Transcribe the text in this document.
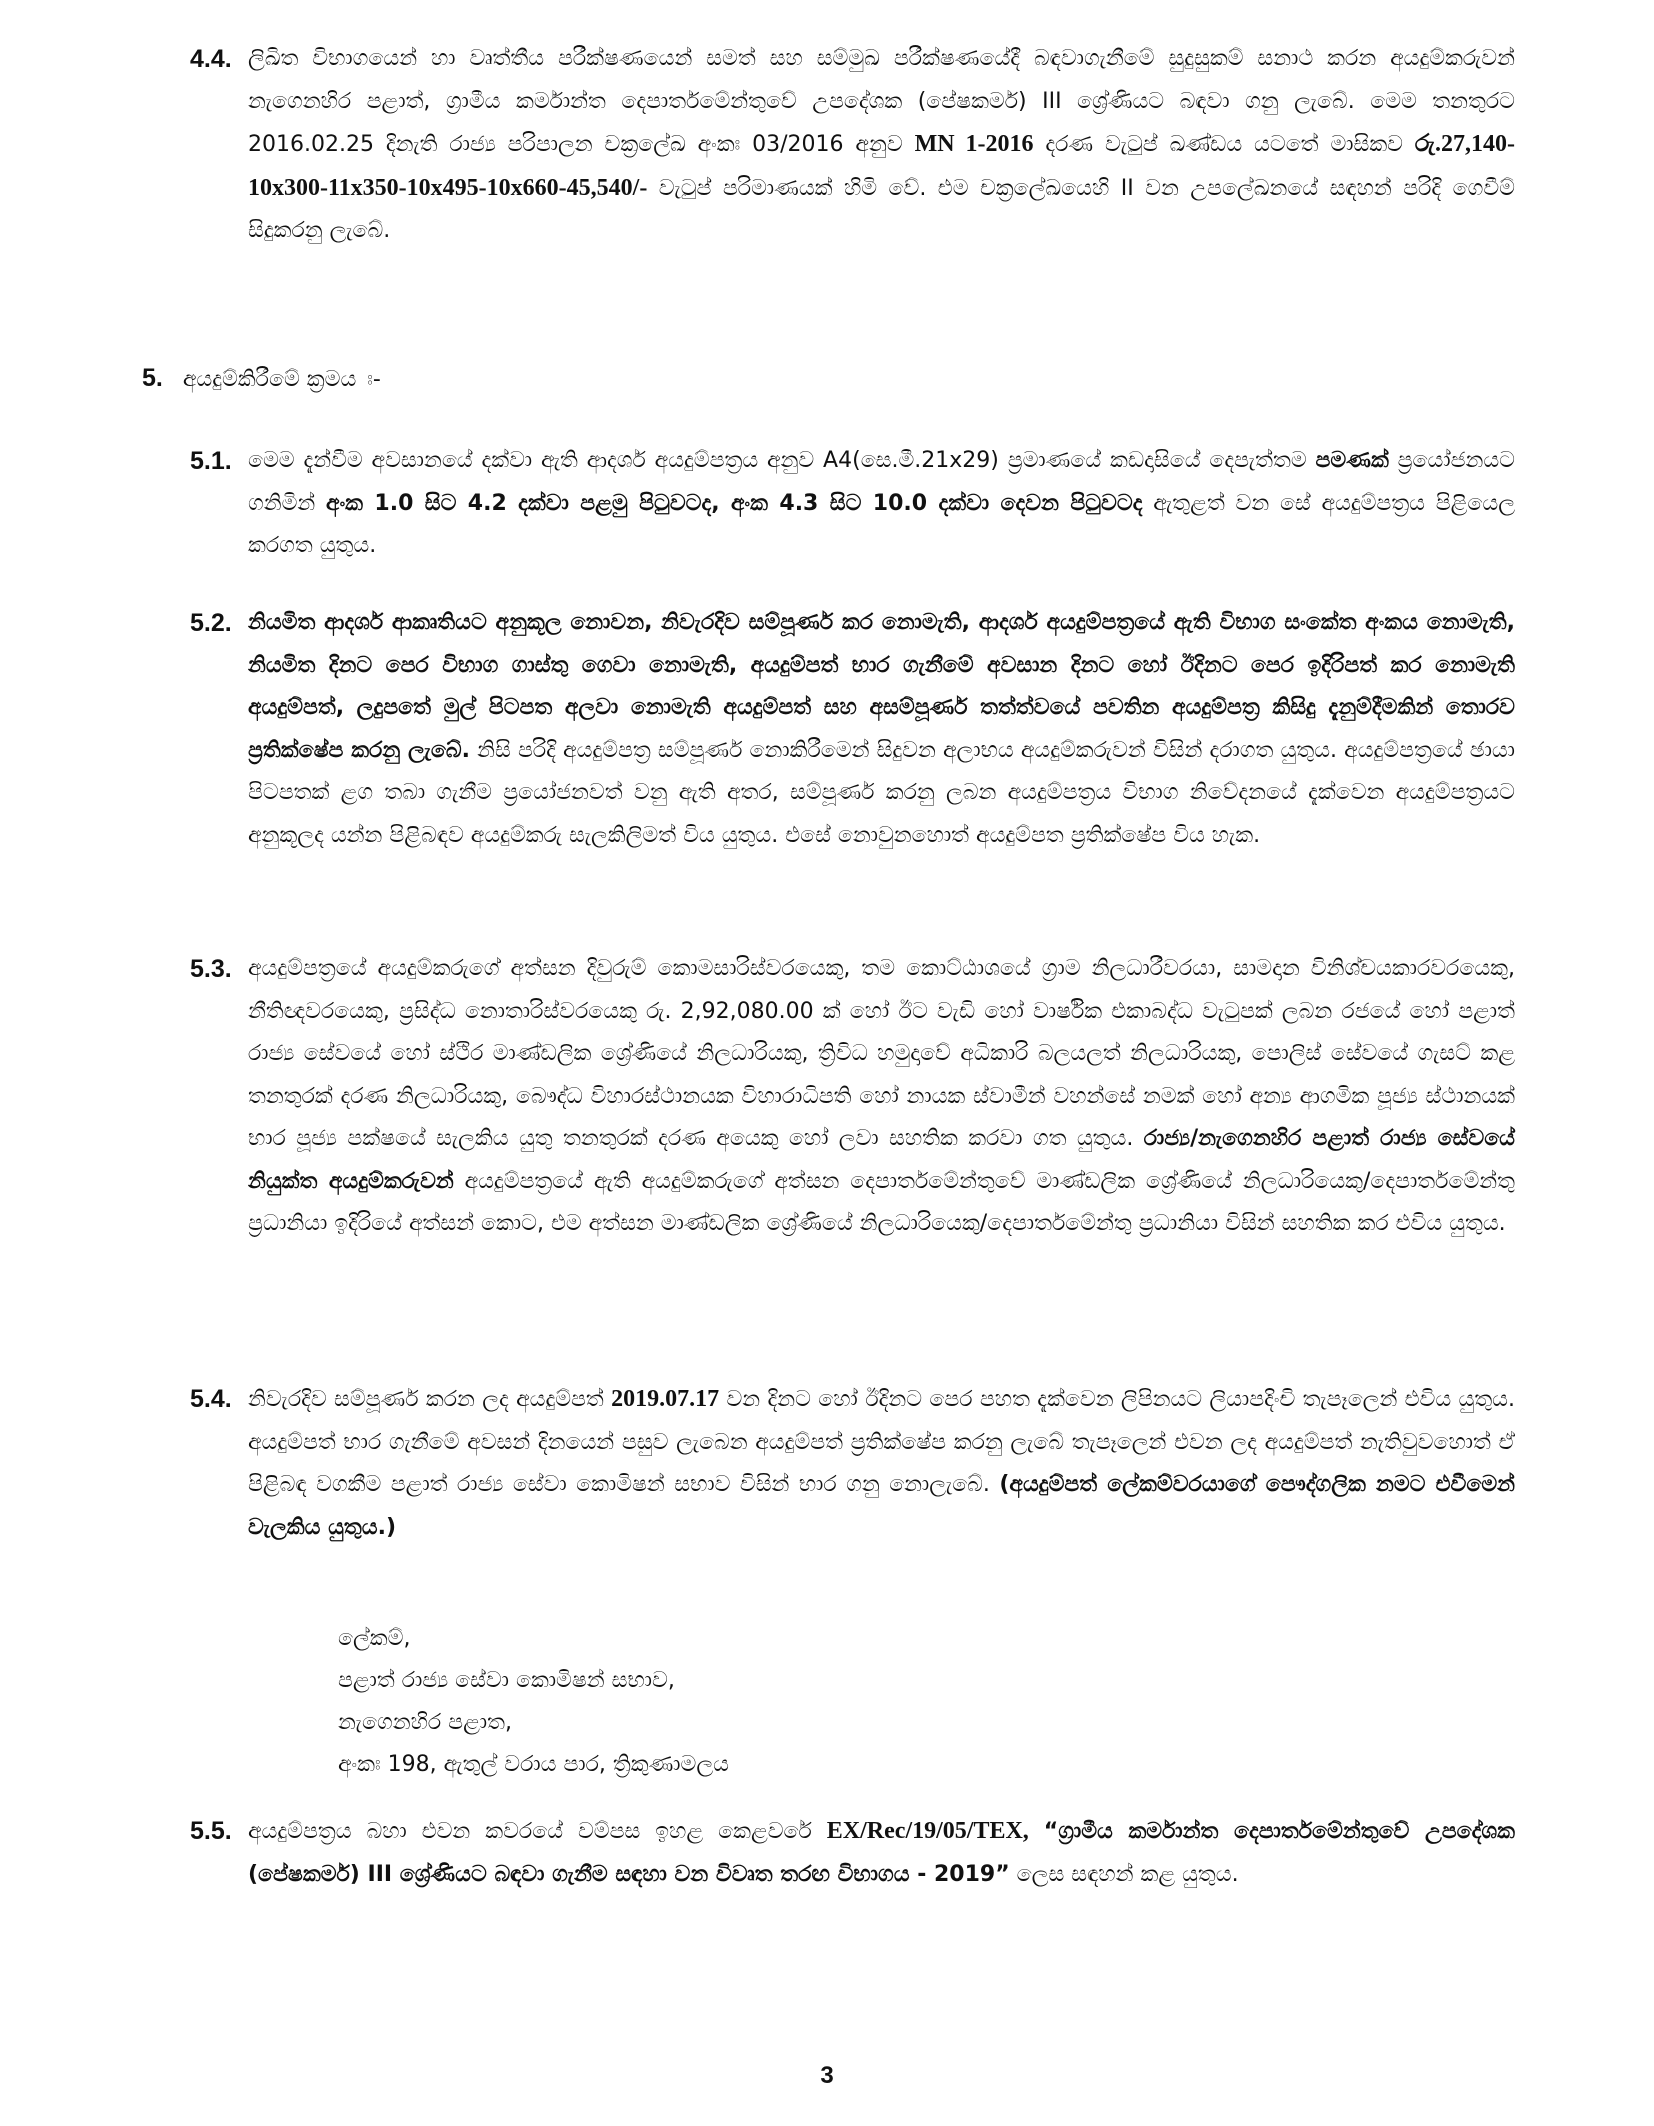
4.4. ලිඛිත විභාගයෙන් හා වෘත්තීය පරීක්ෂණයෙන් සමත් සහ සම්මුඛ පරීක්ෂණයේදී බඳවාගැනීමේ සුදුසුකම් සනාථ කරන අයදුම්කරුවන් නැගෙනහිර පළාත්, ග්‍රාමීය කර්මාන්ත දෙපාර්තමේන්තුවේ උපදේශක (පේෂකර්ම) III ශ්‍රේණියට බඳවා ගනු ලැබේ. මෙම තනතුරට 2016.02.25 දිනැති රාජ්‍ය පරිපාලන චක්‍රලේඛ අංකඃ 03/2016 අනුව MN 1-2016 දරණ වැටුප් ඛණ්ඩය යටතේ මාසිකව රු.27,140-10x300-11x350-10x495-10x660-45,540/- වැටුප් පරිමාණයක් හිමි වේ. එම චක්‍රලේඛයෙහි II වන උපලේඛනයේ සඳහන් පරිදි ගෙවීම් සිදුකරනු ලැබේ.
5. අයදුම්කිරීමේ ක්‍රමය ඃ-
5.1. මෙම දැන්වීම අවසානයේ දක්වා ඇති ආදර්ශ අයදුම්පත්‍රය අනුව A4(සෙ.මී.21x29) ප්‍රමාණයේ කඩදාසියේ දෙපැත්තම පමණක් ප්‍රයෝජනයට ගනිමින් අංක 1.0 සිට 4.2 දක්වා පළමු පිටුවටද, අංක 4.3 සිට 10.0 දක්වා දෙවන පිටුවටද ඇතුළත් වන සේ අයදුම්පත්‍රය පිළියෙල කරගත යුතුය.
5.2. නියමිත ආදර්ශ ආකෘතියට අනුකූල නොවන, නිවැරදිව සම්පූර්ණ කර නොමැති, ආදර්ශ අයදුම්පත්‍රයේ ඇති විභාග සංකේත අංකය නොමැති, නියමිත දිනට පෙර විභාග ගාස්තු ගෙවා නොමැති, අයදුම්පත් භාර ගැනීමේ අවසාන දිනට හෝ ඊදිනට පෙර ඉදිරිපත් කර නොමැති අයදුම්පත්, ලදුපතේ මුල් පිටපත අලවා නොමැති අයදුම්පත් සහ අසම්පූර්ණ තත්ත්වයේ පවතින අයදුම්පත්‍ර කිසිදු දැනුම්දීමකින් තොරව ප්‍රතික්ෂේප කරනු ලැබේ. නිසි පරිදි අයදුම්පත්‍ර සම්පූර්ණ නොකිරීමෙන් සිදුවන අලාභය අයදුම්කරුවන් විසින් දරාගත යුතුය. අයදුම්පත්‍රයේ ඡායා පිටපතක් ළග තබා ගැනීම ප්‍රයෝජනවත් වනු ඇති අතර, සම්පූර්ණ කරනු ලබන අයදුම්පත්‍රය විභාග නිවේදනයේ දැක්වෙන අයදුම්පත්‍රයට අනුකූලද යන්න පිළිබඳව අයදුම්කරු සැලකිලිමත් විය යුතුය. එසේ නොවුනහොත් අයදුම්පත ප්‍රතික්ෂේප විය හැක.
5.3. අයදුම්පත්‍රයේ අයදුම්කරුගේ අත්සන දිවුරුම් කොමසාරිස්වරයෙකු, තම කොට්ඨාශයේ ග්‍රාම නිලධාරීවරයා, සාමදාන විනිශ්චයකාරවරයෙකු, නීතිඥවරයෙකු, ප්‍රසිද්ධ නොතාරිස්වරයෙකු රු. 2,92,080.00 ක් හෝ ඊට වැඩි හෝ වාර්ෂික එකාබද්ධ වැටුපක් ලබන රජයේ හෝ පළාත් රාජ්‍ය සේවයේ හෝ ස්ථිර මාණ්ඩලික ශ්‍රේණියේ නිලධාරියකු, ත්‍රිවිධ හමුදාවේ අධිකාරි බලයලත් නිලධාරියකු, පොලිස් සේවයේ ගැසට් කළ තනතුරක් දරණ නිලධාරියකු, බෞද්ධ විහාරස්ථානයක විහාරාධිපති හෝ නායක ස්වාමීන් වහන්සේ නමක් හෝ අන්‍ය ආගමික පූජ්‍ය ස්ථානයක් භාර පූජ්‍ය පක්ෂයේ සැලකිය යුතු තනතුරක් දරණ අයෙකු හෝ ලවා සහතික කරවා ගත යුතුය. රාජ්‍ය/නැගෙනහිර පළාත් රාජ්‍ය සේවයේ නියුක්ත අයදුම්කරුවන් අයදුම්පත්‍රයේ ඇති අයදුම්කරුගේ අත්සන දෙපාර්තමේන්තුවේ මාණ්ඩලික ශ්‍රේණියේ නිලධාරියෙකු/දෙපාර්තමේන්තු ප්‍රධානියා ඉදිරියේ අත්සන් කොට, එම අත්සන මාණ්ඩලික ශ්‍රේණියේ නිලධාරියෙකු/දෙපාර්තමේන්තු ප්‍රධානියා විසින් සහතික කර එවිය යුතුය.
5.4. නිවැරදිව සම්පූර්ණ කරන ලද අයදුම්පත් 2019.07.17 වන දිනට හෝ ඊදිනට පෙර පහත දැක්වෙන ලිපිනයට ලියාපදිංචි තැපෑලෙන් එවිය යුතුය. අයදුම්පත් භාර ගැනීමේ අවසන් දිනයෙන් පසුව ලැබෙන අයදුම්පත් ප්‍රතික්ෂේප කරනු ලැබේ තැපෑලෙන් එවන ලද අයදුම්පත් නැතිවුවහොත් ඒ පිළිබඳ වගකීම පළාත් රාජ්‍ය සේවා කොමිෂන් සභාව විසින් භාර ගනු නොලැබේ. (අයදුම්පත් ලේකම්වරයාගේ පෞද්ගලික නමට එවීමෙන් වැලකිය යුතුය.)
ලේකම්,
පළාත් රාජ්‍ය සේවා කොමිෂන් සභාව,
නැගෙනහිර පළාත,
අංකඃ 198, ඇතුල් වරාය පාර, ත්‍රිකුණාමලය
5.5. අයදුම්පත්‍රය බහා එවන කවරයේ වම්පස ඉහළ කෙළවරේ EX/Rec/19/05/TEX, “ග්‍රාමීය කර්මාන්ත දෙපාර්තමේන්තුවේ උපදේශක (පේෂකර්ම) III ශ්‍රේණියට බඳවා ගැනීම සඳහා වන විවෘත තරඟ විභාගය - 2019” ලෙස සඳහන් කළ යුතුය.
3
